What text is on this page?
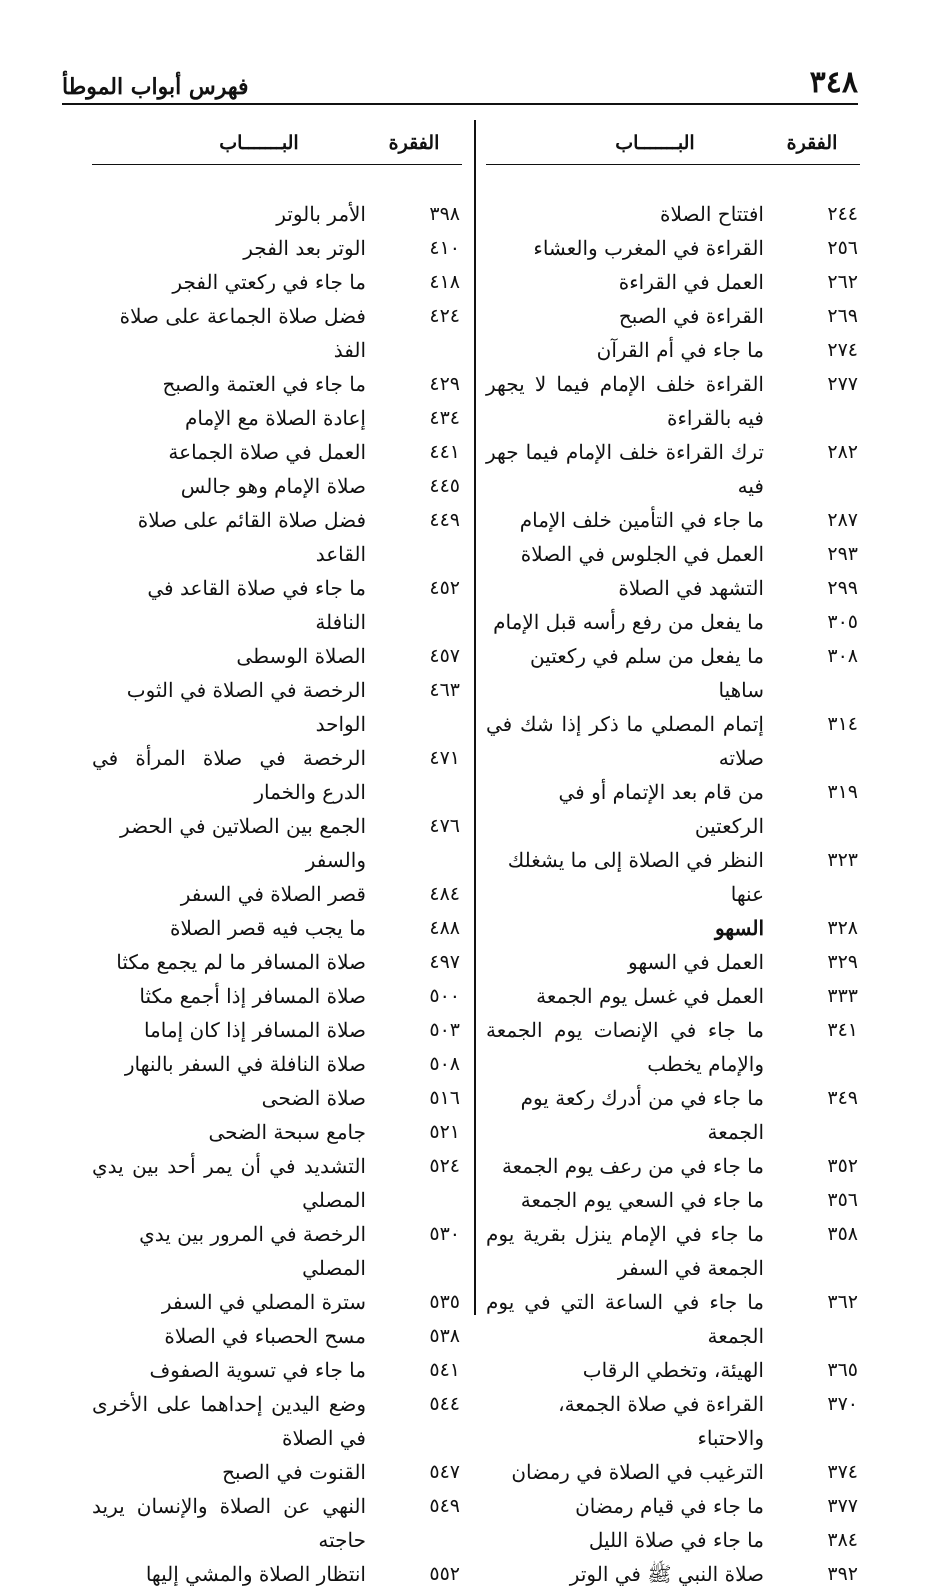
٣٤٨
فهرس أبواب الموطأ
الفقرة
البـــــــاب
٢٤٤
افتتاح الصلاة
٢٥٦
القراءة في المغرب والعشاء
٢٦٢
العمل في القراءة
٢٦٩
القراءة في الصبح
٢٧٤
ما جاء في أم القرآن
٢٧٧
القراءة خلف الإمام فيما لا يجهر فيه بالقراءة
٢٨٢
ترك القراءة خلف الإمام فيما جهر فيه
٢٨٧
ما جاء في التأمين خلف الإمام
٢٩٣
العمل في الجلوس في الصلاة
٢٩٩
التشهد في الصلاة
٣٠٥
ما يفعل من رفع رأسه قبل الإمام
٣٠٨
ما يفعل من سلم في ركعتين ساهيا
٣١٤
إتمام المصلي ما ذكر إذا شك في صلاته
٣١٩
من قام بعد الإتمام أو في الركعتين
٣٢٣
النظر في الصلاة إلى ما يشغلك عنها
٣٢٨
السهو
٣٢٩
العمل في السهو
٣٣٣
العمل في غسل يوم الجمعة
٣٤١
ما جاء في الإنصات يوم الجمعة والإمام يخطب
٣٤٩
ما جاء في من أدرك ركعة يوم الجمعة
٣٥٢
ما جاء في من رعف يوم الجمعة
٣٥٦
ما جاء في السعي يوم الجمعة
٣٥٨
ما جاء في الإمام ينزل بقرية يوم الجمعة في السفر
٣٦٢
ما جاء في الساعة التي في يوم الجمعة
٣٦٥
الهيئة، وتخطي الرقاب
٣٧٠
القراءة في صلاة الجمعة، والاحتباء
٣٧٤
الترغيب في الصلاة في رمضان
٣٧٧
ما جاء في قيام رمضان
٣٨٤
ما جاء في صلاة الليل
٣٩٢
صلاة النبي ﷺ في الوتر
الفقرة
البـــــــاب
٣٩٨
الأمر بالوتر
٤١٠
الوتر بعد الفجر
٤١٨
ما جاء في ركعتي الفجر
٤٢٤
فضل صلاة الجماعة على صلاة الفذ
٤٢٩
ما جاء في العتمة والصبح
٤٣٤
إعادة الصلاة مع الإمام
٤٤١
العمل في صلاة الجماعة
٤٤٥
صلاة الإمام وهو جالس
٤٤٩
فضل صلاة القائم على صلاة القاعد
٤٥٢
ما جاء في صلاة القاعد في النافلة
٤٥٧
الصلاة الوسطى
٤٦٣
الرخصة في الصلاة في الثوب الواحد
٤٧١
الرخصة في صلاة المرأة في الدرع والخمار
٤٧٦
الجمع بين الصلاتين في الحضر والسفر
٤٨٤
قصر الصلاة في السفر
٤٨٨
ما يجب فيه قصر الصلاة
٤٩٧
صلاة المسافر ما لم يجمع مكثا
٥٠٠
صلاة المسافر إذا أجمع مكثا
٥٠٣
صلاة المسافر إذا كان إماما
٥٠٨
صلاة النافلة في السفر بالنهار
٥١٦
صلاة الضحى
٥٢١
جامع سبحة الضحى
٥٢٤
التشديد في أن يمر أحد بين يدي المصلي
٥٣٠
الرخصة في المرور بين يدي المصلي
٥٣٥
سترة المصلي في السفر
٥٣٨
مسح الحصباء في الصلاة
٥٤١
ما جاء في تسوية الصفوف
٥٤٤
وضع اليدين إحداهما على الأخرى في الصلاة
٥٤٧
القنوت في الصبح
٥٤٩
النهي عن الصلاة والإنسان يريد حاجته
٥٥٢
انتظار الصلاة والمشي إليها
